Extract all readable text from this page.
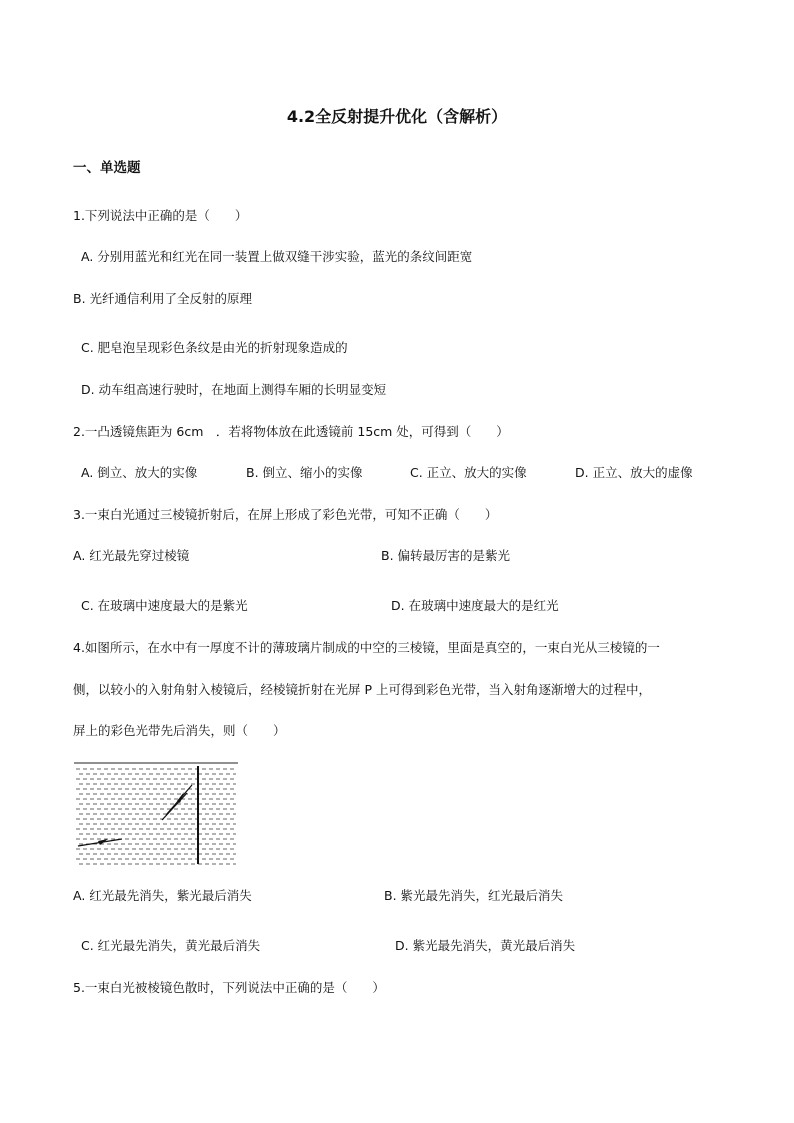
4.2全反射提升优化（含解析）
一、单选题
1.下列说法中正确的是（　　）
A. 分别用蓝光和红光在同一装置上做双缝干涉实验，蓝光的条纹间距宽
B. 光纤通信利用了全反射的原理
C. 肥皂泡呈现彩色条纹是由光的折射现象造成的
D. 动车组高速行驶时，在地面上测得车厢的长明显变短
2.一凸透镜焦距为 6cm　．若将物体放在此透镜前 15cm 处，可得到（　　）
A. 倒立、放大的实像	B. 倒立、缩小的实像	C. 正立、放大的实像	D. 正立、放大的虚像
3.一束白光通过三棱镜折射后，在屏上形成了彩色光带，可知不正确（　　）
A. 红光最先穿过棱镜	B. 偏转最厉害的是紫光
C. 在玻璃中速度最大的是紫光	D. 在玻璃中速度最大的是红光
4.如图所示，在水中有一厚度不计的薄玻璃片制成的中空的三棱镜，里面是真空的，一束白光从三棱镜的一
侧，以较小的入射角射入棱镜后，经棱镜折射在光屏 P 上可得到彩色光带，当入射角逐渐增大的过程中，
屏上的彩色光带先后消失，则（　　）
A. 红光最先消失，紫光最后消失	B. 紫光最先消失，红光最后消失
C. 红光最先消失，黄光最后消失	D. 紫光最先消失，黄光最后消失
5.一束白光被棱镜色散时，下列说法中正确的是（　　）
